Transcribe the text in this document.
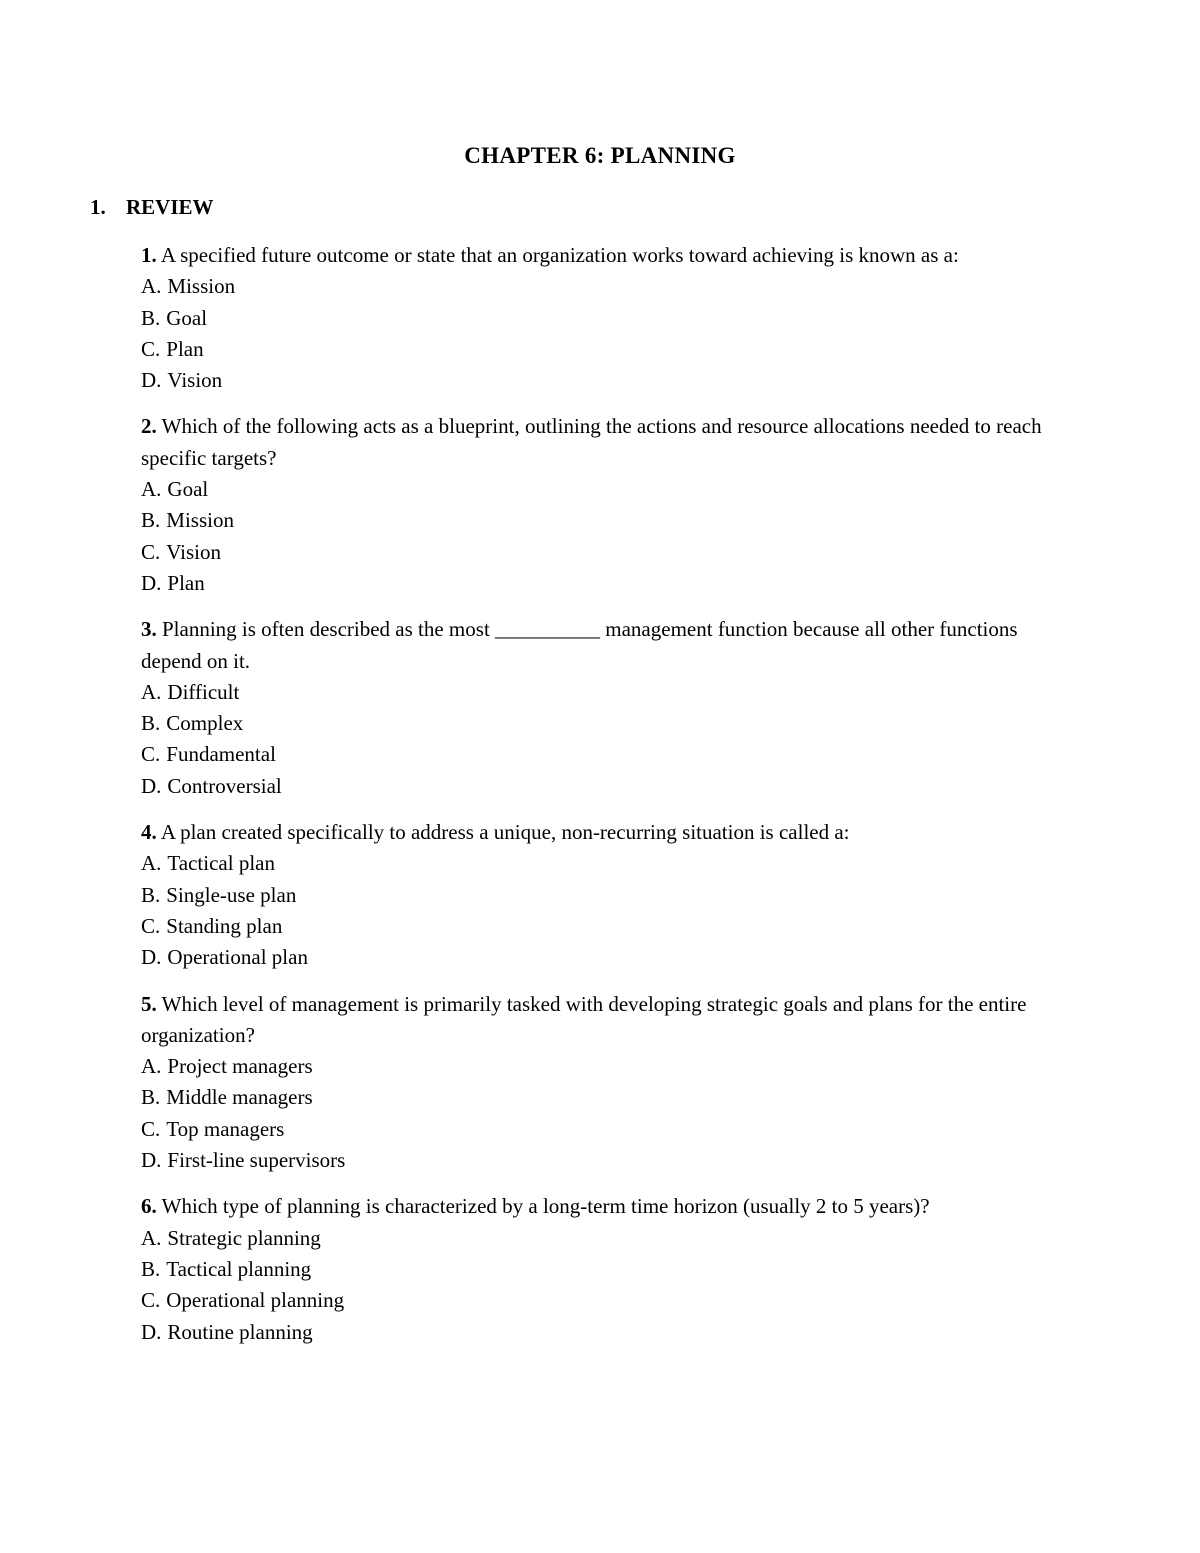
CHAPTER 6: PLANNING
1. REVIEW
1. A specified future outcome or state that an organization works toward achieving is known as a:
A. Mission
B. Goal
C. Plan
D. Vision
2. Which of the following acts as a blueprint, outlining the actions and resource allocations needed to reach specific targets?
A. Goal
B. Mission
C. Vision
D. Plan
3. Planning is often described as the most __________ management function because all other functions depend on it.
A. Difficult
B. Complex
C. Fundamental
D. Controversial
4. A plan created specifically to address a unique, non-recurring situation is called a:
A. Tactical plan
B. Single-use plan
C. Standing plan
D. Operational plan
5. Which level of management is primarily tasked with developing strategic goals and plans for the entire organization?
A. Project managers
B. Middle managers
C. Top managers
D. First-line supervisors
6. Which type of planning is characterized by a long-term time horizon (usually 2 to 5 years)?
A. Strategic planning
B. Tactical planning
C. Operational planning
D. Routine planning
